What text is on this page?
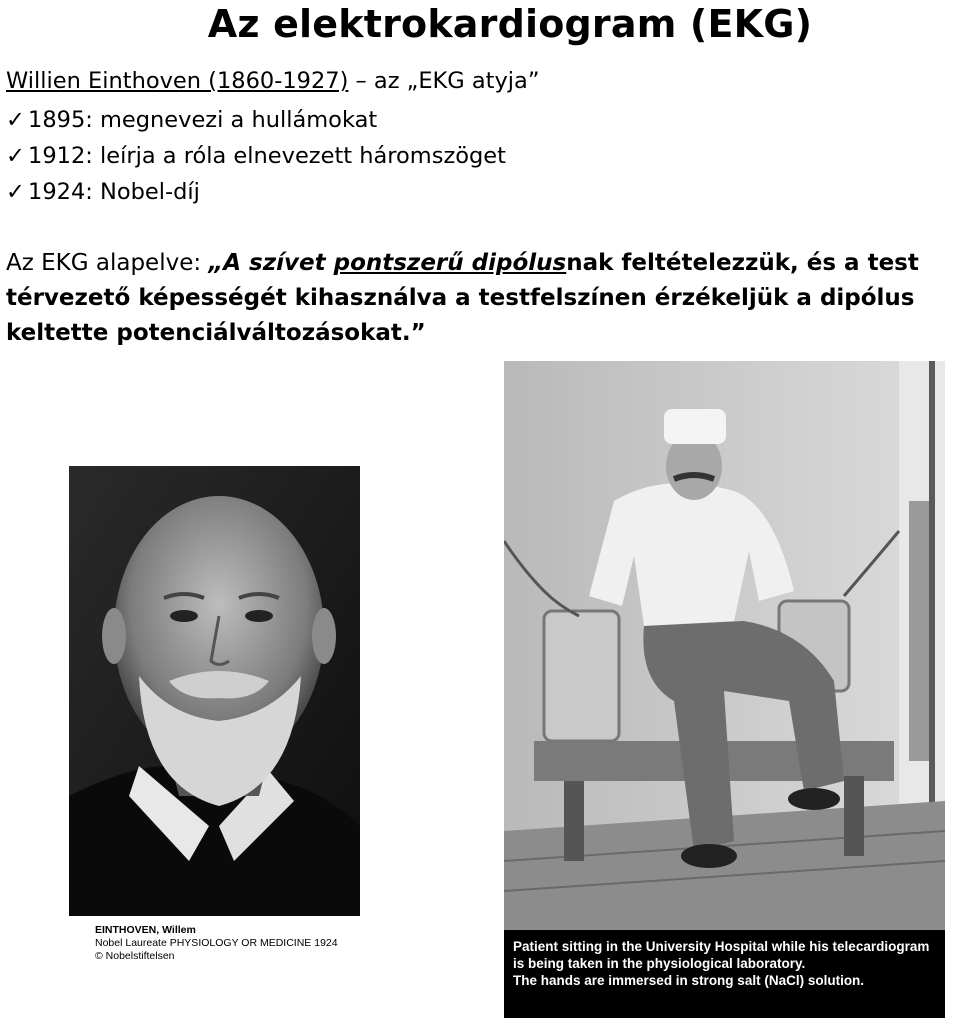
Az elektrokardiogram (EKG)
Willien Einthoven (1860-1927) – az „EKG atyja”
✓ 1895: megnevezi a hullámokat
✓ 1912: leírja a róla elnevezett háromszöget
✓ 1924: Nobel-díj
Az EKG alapelve: „A szívet pontszerű dipólusnak feltételezzük, és a test térvezető képességét kihasználva a testfelszínen érzékeljük a dipólus keltette potenciálváltozásokat.”
EINTHOVEN, Willem
Nobel Laureate PHYSIOLOGY OR MEDICINE 1924
© Nobelstiftelsen
Patient sitting in the University Hospital while his telecardiogram
is being taken in the physiological laboratory.
The hands are immersed in strong salt (NaCl) solution.
